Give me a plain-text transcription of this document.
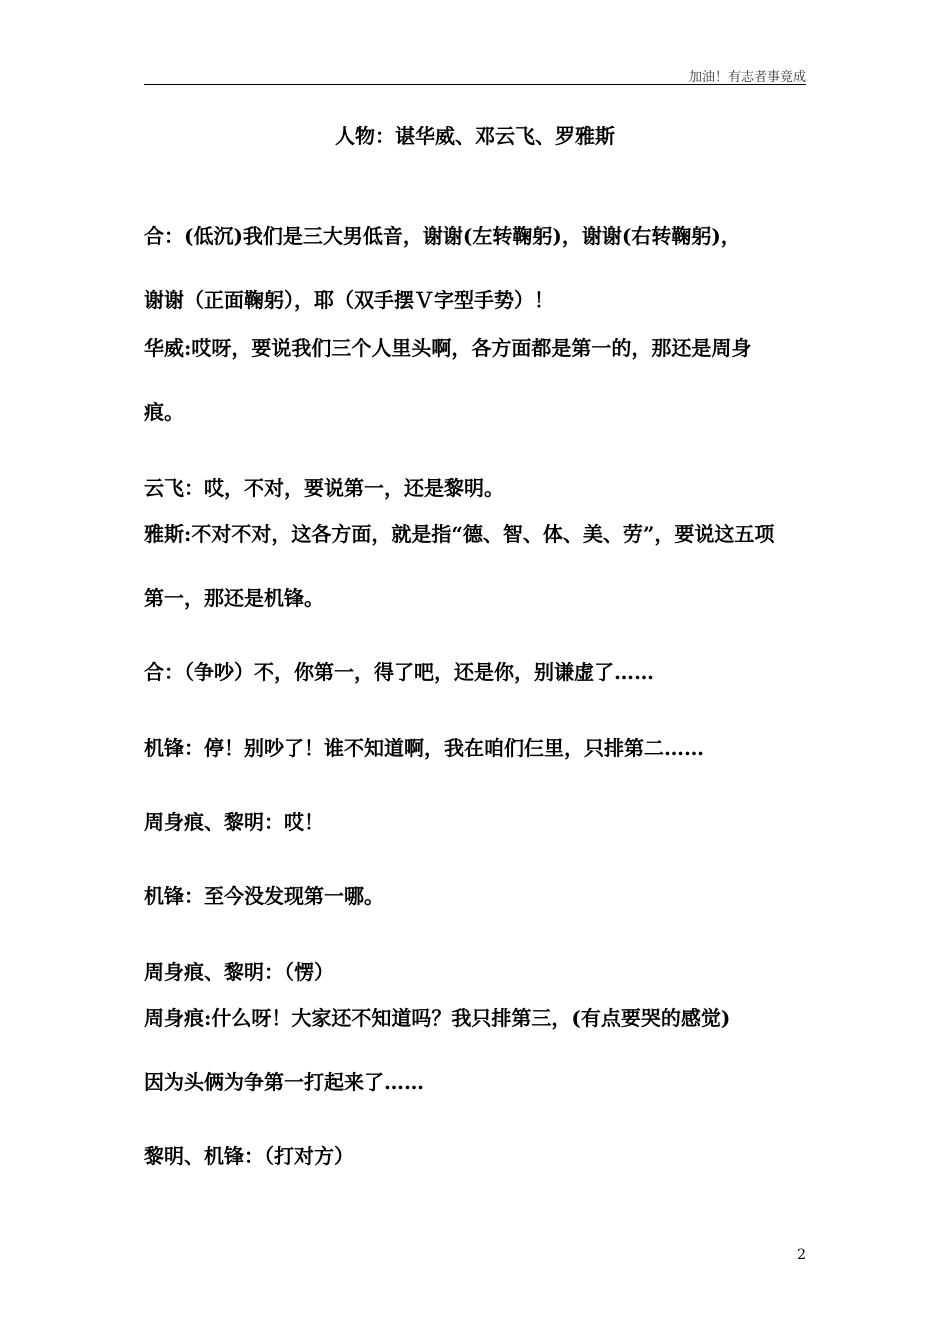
加油！有志者事竟成
人物：谌华威、邓云飞、罗雅斯
合：(低沉)我们是三大男低音，谢谢(左转鞠躬)，谢谢(右转鞠躬)，
谢谢（正面鞠躬），耶（双手摆Ｖ字型手势）！
华威:哎呀，要说我们三个人里头啊，各方面都是第一的，那还是周身
痕。
云飞：哎，不对，要说第一，还是黎明。
雅斯:不对不对，这各方面，就是指“德、智、体、美、劳”，要说这五项
第一，那还是机锋。
合：（争吵）不，你第一，得了吧，还是你，别谦虚了……
机锋：停！别吵了！谁不知道啊，我在咱们仨里，只排第二……
周身痕、黎明：哎！
机锋：至今没发现第一哪。
周身痕、黎明：（愣）
周身痕:什么呀！大家还不知道吗？我只排第三，(有点要哭的感觉)
因为头俩为争第一打起来了……
黎明、机锋：（打对方）
2
